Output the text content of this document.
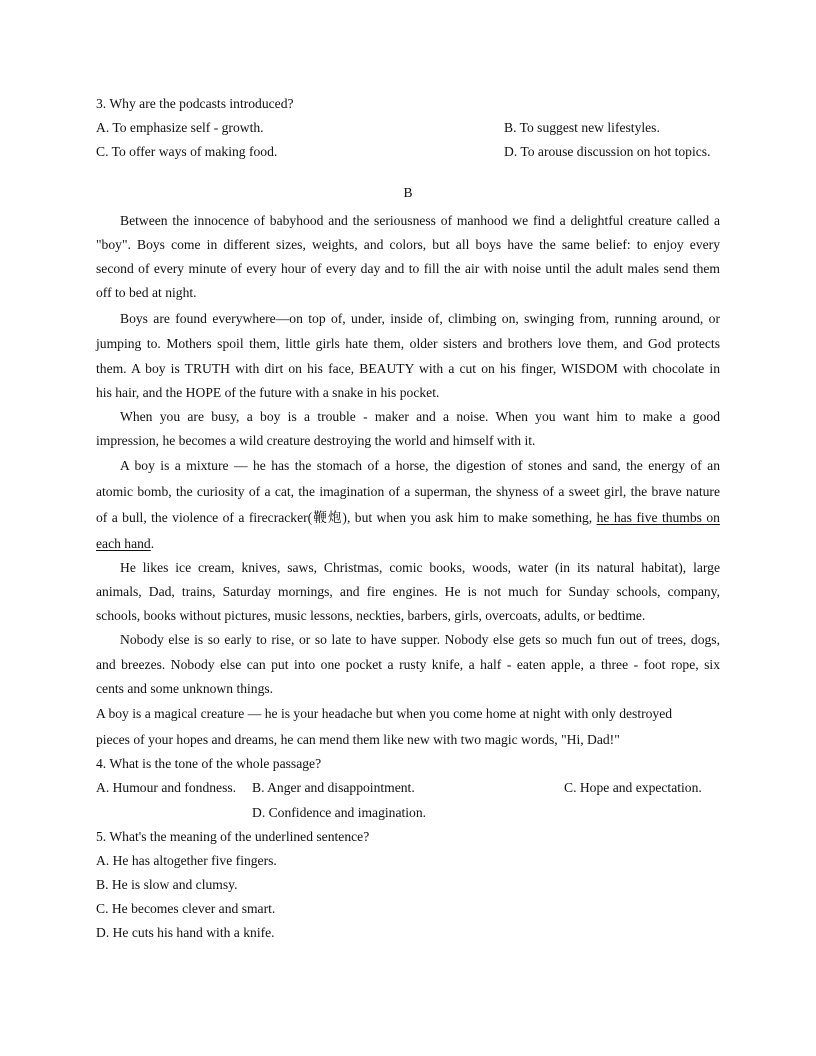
3. Why are the podcasts introduced?
A. To emphasize self - growth.	B. To suggest new lifestyles.
C. To offer ways of making food.	D. To arouse discussion on hot topics.
B
Between the innocence of babyhood and the seriousness of manhood we find a delightful creature called a
"boy". Boys come in different sizes, weights, and colors, but all boys have the same belief: to enjoy every
second of every minute of every hour of every day and to fill the air with noise until the adult males send them
off to bed at night.
Boys are found everywhere—on top of, under, inside of, climbing on, swinging from, running around, or
jumping to. Mothers spoil them, little girls hate them, older sisters and brothers love them, and God protects
them. A boy is TRUTH with dirt on his face, BEAUTY with a cut on his finger, WISDOM with chocolate in
his hair, and the HOPE of the future with a snake in his pocket.
When you are busy, a boy is a trouble - maker and a noise. When you want him to make a good
impression, he becomes a wild creature destroying the world and himself with it.
A boy is a mixture — he has the stomach of a horse, the digestion of stones and sand, the energy of an
atomic bomb, the curiosity of a cat, the imagination of a superman, the shyness of a sweet girl, the brave nature
of a bull, the violence of a firecracker(鞭炮), but when you ask him to make something, he has five thumbs on
each hand.
He likes ice cream, knives, saws, Christmas, comic books, woods, water (in its natural habitat), large
animals, Dad, trains, Saturday mornings, and fire engines. He is not much for Sunday schools, company,
schools, books without pictures, music lessons, neckties, barbers, girls, overcoats, adults, or bedtime.
Nobody else is so early to rise, or so late to have supper. Nobody else gets so much fun out of trees, dogs,
and breezes. Nobody else can put into one pocket a rusty knife, a half - eaten apple, a three - foot rope, six
cents and some unknown things.
A boy is a magical creature — he is your headache but when you come home at night with only destroyed
pieces of your hopes and dreams, he can mend them like new with two magic words, "Hi, Dad!"
4. What is the tone of the whole passage?
A. Humour and fondness. B. Anger and disappointment.	C. Hope and expectation.
D. Confidence and imagination.
5. What's the meaning of the underlined sentence?
A. He has altogether five fingers.
B. He is slow and clumsy.
C. He becomes clever and smart.
D. He cuts his hand with a knife.
